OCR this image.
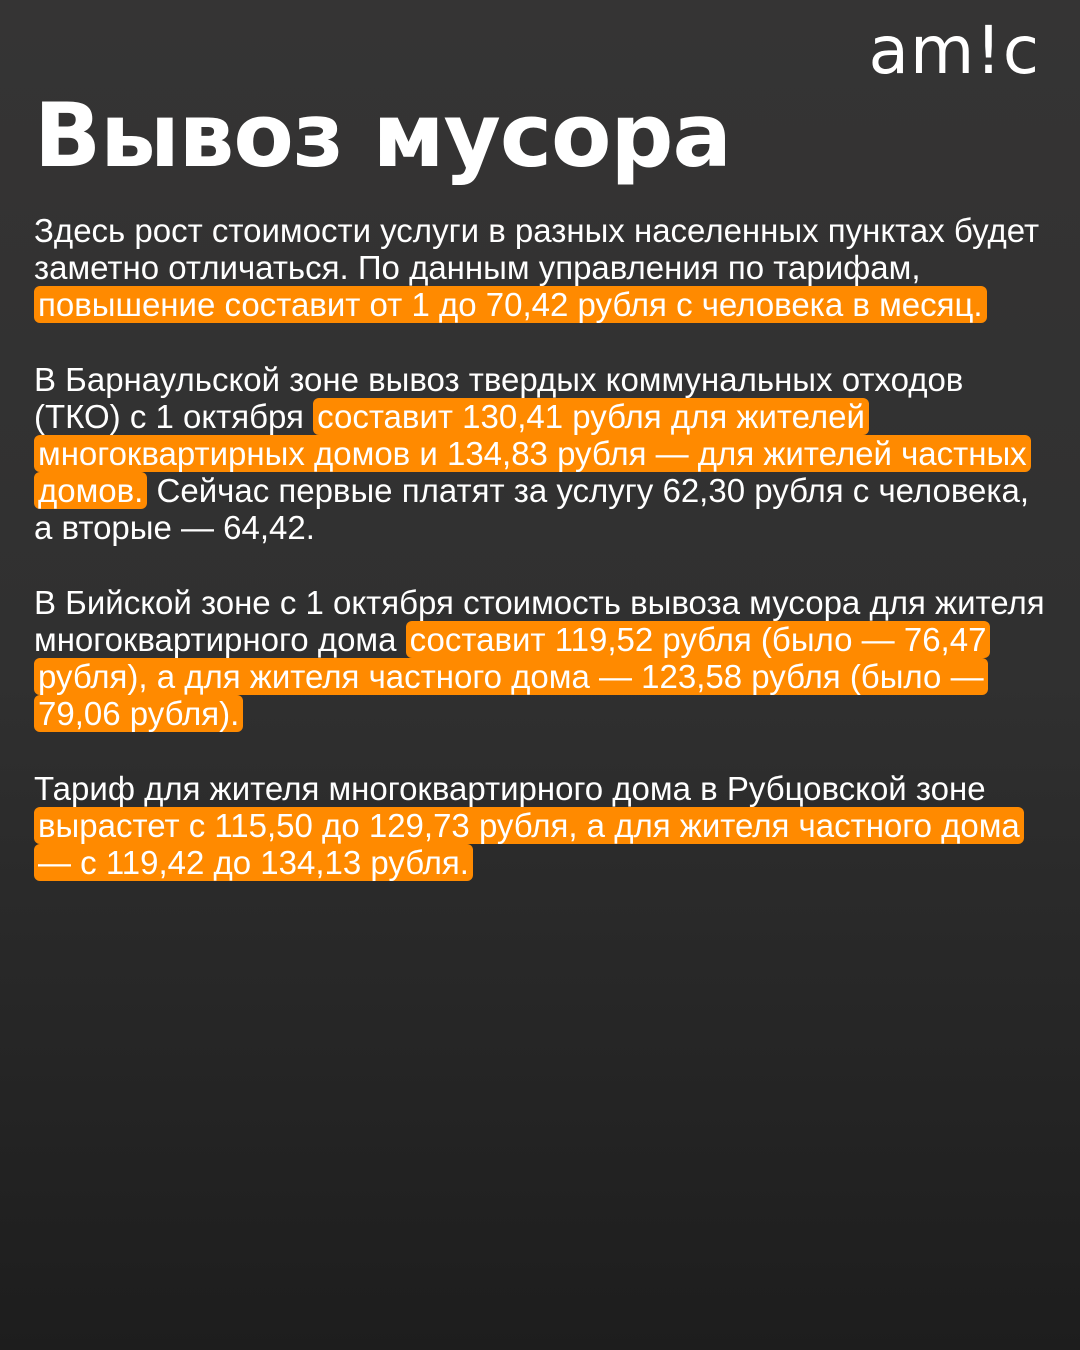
am!c
Вывоз мусора

Здесь рост стоимости услуги в разных населенных пунктах будет заметно отличаться. По данным управления по тарифам, повышение составит от 1 до 70,42 рубля с человека в месяц.

В Барнаульской зоне вывоз твердых коммунальных отходов (ТКО) с 1 октября составит 130,41 рубля для жителей многоквартирных домов и 134,83 рубля — для жителей частных домов. Сейчас первые платят за услугу 62,30 рубля с человека, а вторые — 64,42.

В Бийской зоне с 1 октября стоимость вывоза мусора для жителя многоквартирного дома составит 119,52 рубля (было — 76,47 рубля), а для жителя частного дома — 123,58 рубля (было — 79,06 рубля).

Тариф для жителя многоквартирного дома в Рубцовской зоне вырастет с 115,50 до 129,73 рубля, а для жителя частного дома — с 119,42 до 134,13 рубля.
